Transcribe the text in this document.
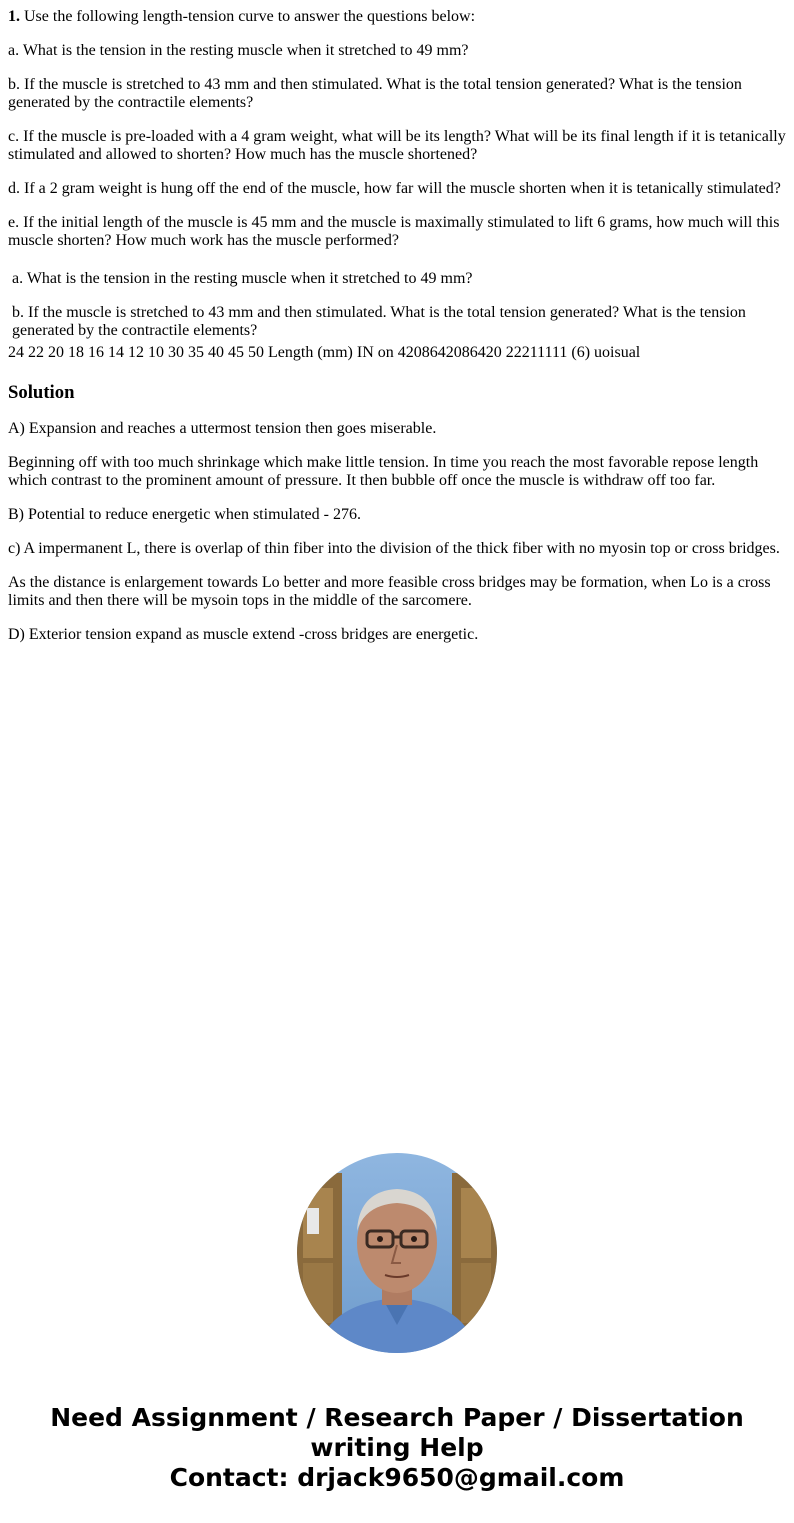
1. Use the following length-tension curve to answer the questions below:

a. What is the tension in the resting muscle when it stretched to 49 mm?

b. If the muscle is stretched to 43 mm and then stimulated. What is the total tension generated? What is the tension generated by the contractile elements?

c. If the muscle is pre-loaded with a 4 gram weight, what will be its length? What will be its final length if it is tetanically stimulated and allowed to shorten? How much has the muscle shortened?

d. If a 2 gram weight is hung off the end of the muscle, how far will the muscle shorten when it is tetanically stimulated?

e. If the initial length of the muscle is 45 mm and the muscle is maximally stimulated to lift 6 grams, how much will this muscle shorten? How much work has the muscle performed?

a. What is the tension in the resting muscle when it stretched to 49 mm?

b. If the muscle is stretched to 43 mm and then stimulated. What is the total tension generated? What is the tension generated by the contractile elements?

24 22 20 18 16 14 12 10 30 35 40 45 50 Length (mm) IN on 4208642086420 22211111 (6) uoisual

Solution

A) Expansion and reaches a uttermost tension then goes miserable.

Beginning off with too much shrinkage which make little tension. In time you reach the most favorable repose length which contrast to the prominent amount of pressure. It then bubble off once the muscle is withdraw off too far.

B) Potential to reduce energetic when stimulated - 276.

c) A impermanent L, there is overlap of thin fiber into the division of the thick fiber with no myosin top or cross bridges.

As the distance is enlargement towards Lo better and more feasible cross bridges may be formation, when Lo is a cross limits and then there will be mysoin tops in the middle of the sarcomere.

D) Exterior tension expand as muscle extend -cross bridges are energetic.

Need Assignment / Research Paper / Dissertation
writing Help
Contact: drjack9650@gmail.com
